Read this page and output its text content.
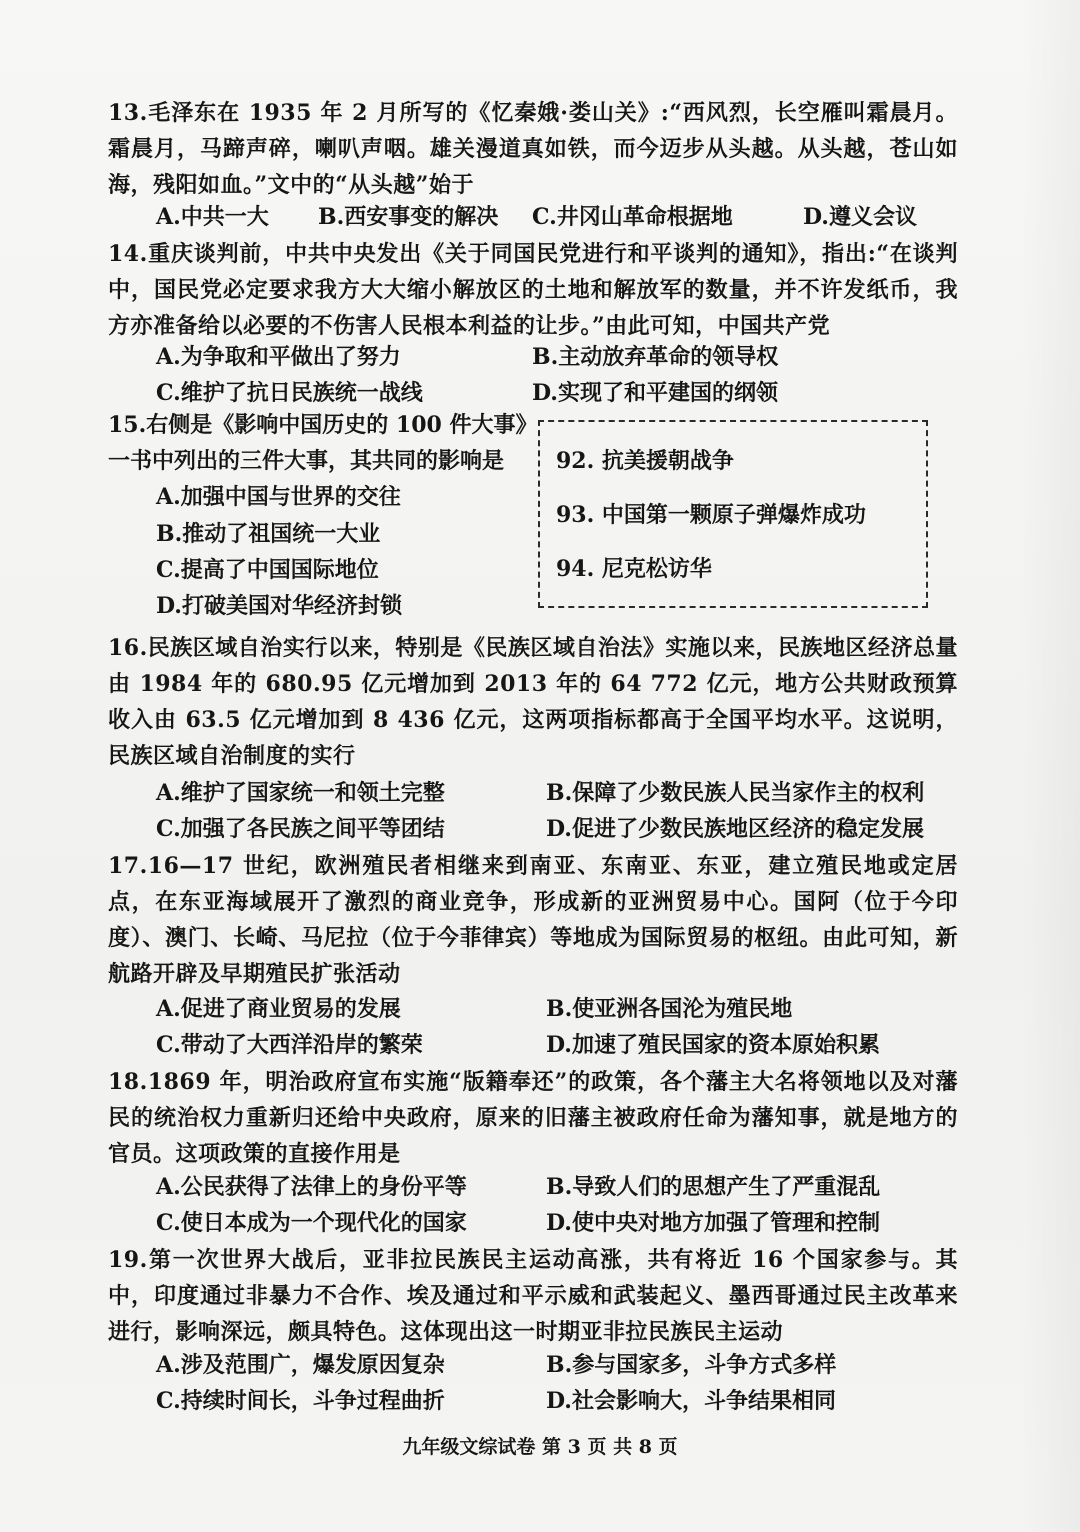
13.毛泽东在 1935 年 2 月所写的《忆秦娥·娄山关》:“西风烈，长空雁叫霜晨月。霜晨月，马蹄声碎，喇叭声咽。雄关漫道真如铁，而今迈步从头越。从头越，苍山如海，残阳如血。”文中的“从头越”始于

A.中共一大 B.西安事变的解决 C.井冈山革命根据地	D.遵义会议

14.重庆谈判前，中共中央发出《关于同国民党进行和平谈判的通知》，指出:“在谈判中，国民党必定要求我方大大缩小解放区的土地和解放军的数量，并不许发纸币，我方亦准备给以必要的不伤害人民根本利益的让步。”由此可知，中国共产党

A.为争取和平做出了努力	B.主动放弃革命的领导权
C.维护了抗日民族统一战线	D.实现了和平建国的纲领
15.右侧是《影响中国历史的 100 件大事》
一书中列出的三件大事，其共同的影响是
A.加强中国与世界的交往
B.推动了祖国统一大业
C.提高了中国国际地位
D.打破美国对华经济封锁
92. 抗美援朝战争
93. 中国第一颗原子弹爆炸成功
94. 尼克松访华

16.民族区域自治实行以来，特别是《民族区域自治法》实施以来，民族地区经济总量由 1984 年的 680.95 亿元增加到 2013 年的 64 772 亿元，地方公共财政预算收入由 63.5 亿元增加到 8 436 亿元，这两项指标都高于全国平均水平。这说明，民族区域自治制度的实行

A.维护了国家统一和领土完整	B.保障了少数民族人民当家作主的权利
C.加强了各民族之间平等团结	D.促进了少数民族地区经济的稳定发展

17.16—17 世纪，欧洲殖民者相继来到南亚、东南亚、东亚，建立殖民地或定居点，在东亚海域展开了激烈的商业竞争，形成新的亚洲贸易中心。国阿（位于今印度）、澳门、长崎、马尼拉（位于今菲律宾）等地成为国际贸易的枢纽。由此可知，新航路开辟及早期殖民扩张活动

A.促进了商业贸易的发展	B.使亚洲各国沦为殖民地
C.带动了大西洋沿岸的繁荣	D.加速了殖民国家的资本原始积累

18.1869 年，明治政府宣布实施“版籍奉还”的政策，各个藩主大名将领地以及对藩民的统治权力重新归还给中央政府，原来的旧藩主被政府任命为藩知事，就是地方的官员。这项政策的直接作用是

A.公民获得了法律上的身份平等	B.导致人们的思想产生了严重混乱
C.使日本成为一个现代化的国家	D.使中央对地方加强了管理和控制

19.第一次世界大战后，亚非拉民族民主运动高涨，共有将近 16 个国家参与。其中，印度通过非暴力不合作、埃及通过和平示威和武装起义、墨西哥通过民主改革来进行，影响深远，颇具特色。这体现出这一时期亚非拉民族民主运动

A.涉及范围广，爆发原因复杂	B.参与国家多，斗争方式多样
C.持续时间长，斗争过程曲折	D.社会影响大，斗争结果相同
九年级文综试卷 第 3 页 共 8 页
